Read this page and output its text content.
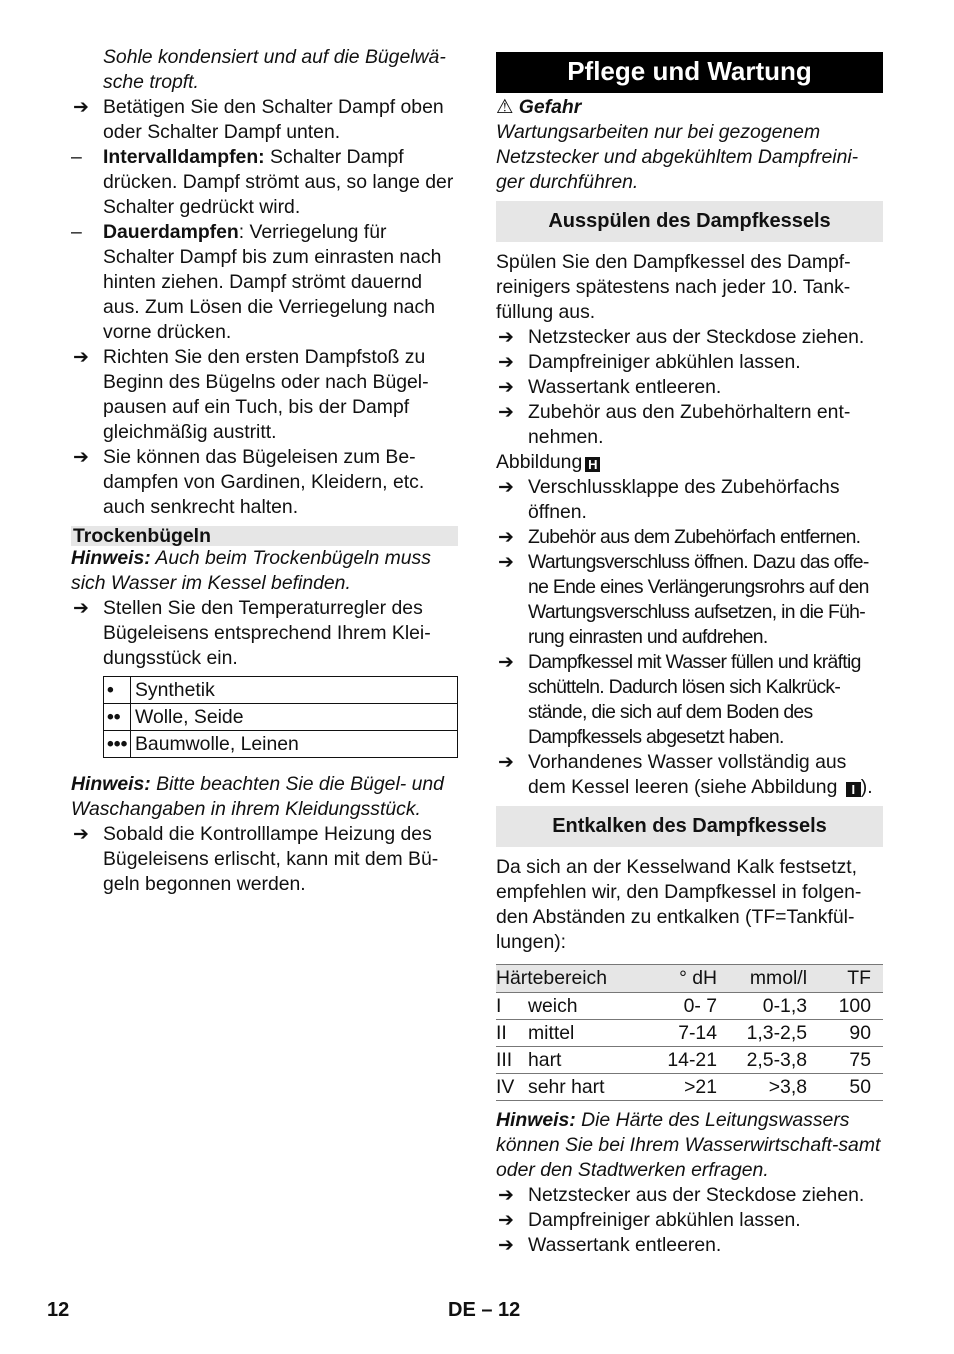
Sohle kondensiert und auf die Bügelwä-
sche tropft.

➔ Betätigen Sie den Schalter Dampf oben oder Schalter Dampf unten.
–	Intervalldampfen: Schalter Dampf drücken. Dampf strömt aus, so lange der Schalter gedrückt wird.
–	Dauerdampfen: Verriegelung für Schalter Dampf bis zum einrasten nach hinten ziehen. Dampf strömt dauernd aus. Zum Lösen die Verriegelung nach vorne drücken.
➔ Richten Sie den ersten Dampfstoß zu Beginn des Bügelns oder nach Bügel-pausen auf ein Tuch, bis der Dampf gleichmäßig austritt.
➔ Sie können das Bügeleisen zum Be-dampfen von Gardinen, Kleidern, etc. auch senkrecht halten.
Trockenbügeln

Hinweis: Auch beim Trockenbügeln muss sich Wasser im Kessel befinden.

➔ Stellen Sie den Temperaturregler des Bügeleisens entsprechend Ihrem Klei-dungsstück ein.
•	Synthetik
••	Wolle, Seide
•••	Baumwolle, Leinen

Hinweis: Bitte beachten Sie die Bügel- und Waschangaben in ihrem Kleidungsstück.

➔ Sobald die Kontrolllampe Heizung des Bügeleisens erlischt, kann mit dem Bü-geln begonnen werden.
Pflege und Wartung

⚠ Gefahr

Wartungsarbeiten nur bei gezogenem Netzstecker und abgekühltem Dampfreini-ger durchführen.

Ausspülen des Dampfkessels

Spülen Sie den Dampfkessel des Dampf-reinigers spätestens nach jeder 10. Tank-füllung aus.

➔ Netzstecker aus der Steckdose ziehen.
➔ Dampfreiniger abkühlen lassen.
➔ Wassertank entleeren.
➔ Zubehör aus den Zubehörhaltern ent-nehmen.

Abbildung H

➔ Verschlussklappe des Zubehörfachs öffnen.
➔ Zubehör aus dem Zubehörfach entfernen.
➔ Wartungsverschluss öffnen. Dazu das offe-ne Ende eines Verlängerungsrohrs auf den Wartungsverschluss aufsetzen, in die Füh-rung einrasten und aufdrehen.
➔ Dampfkessel mit Wasser füllen und kräftig schütteln. Dadurch lösen sich Kalkrück-stände, die sich auf dem Boden des Dampfkessels abgesetzt haben.
➔ Vorhandenes Wasser vollständig aus dem Kessel leeren (siehe Abbildung I ).
Entkalken des Dampfkessels

Da sich an der Kesselwand Kalk festsetzt, empfehlen wir, den Dampfkessel in folgen-den Abständen zu entkalken (TF=Tankfül-lungen):

Härtebereich		° dH	mmol/l	TF
I	weich	0- 7	0-1,3	100
II	mittel	7-14	1,3-2,5	90
III	hart	14-21	2,5-3,8	75
IV	sehr hart	>21	>3,8	50

Hinweis: Die Härte des Leitungswassers können Sie bei Ihrem Wasserwirtschaft-samt oder den Stadtwerken erfragen.

➔ Netzstecker aus der Steckdose ziehen.
➔ Dampfreiniger abkühlen lassen.
➔ Wassertank entleeren.
12	DE – 12
